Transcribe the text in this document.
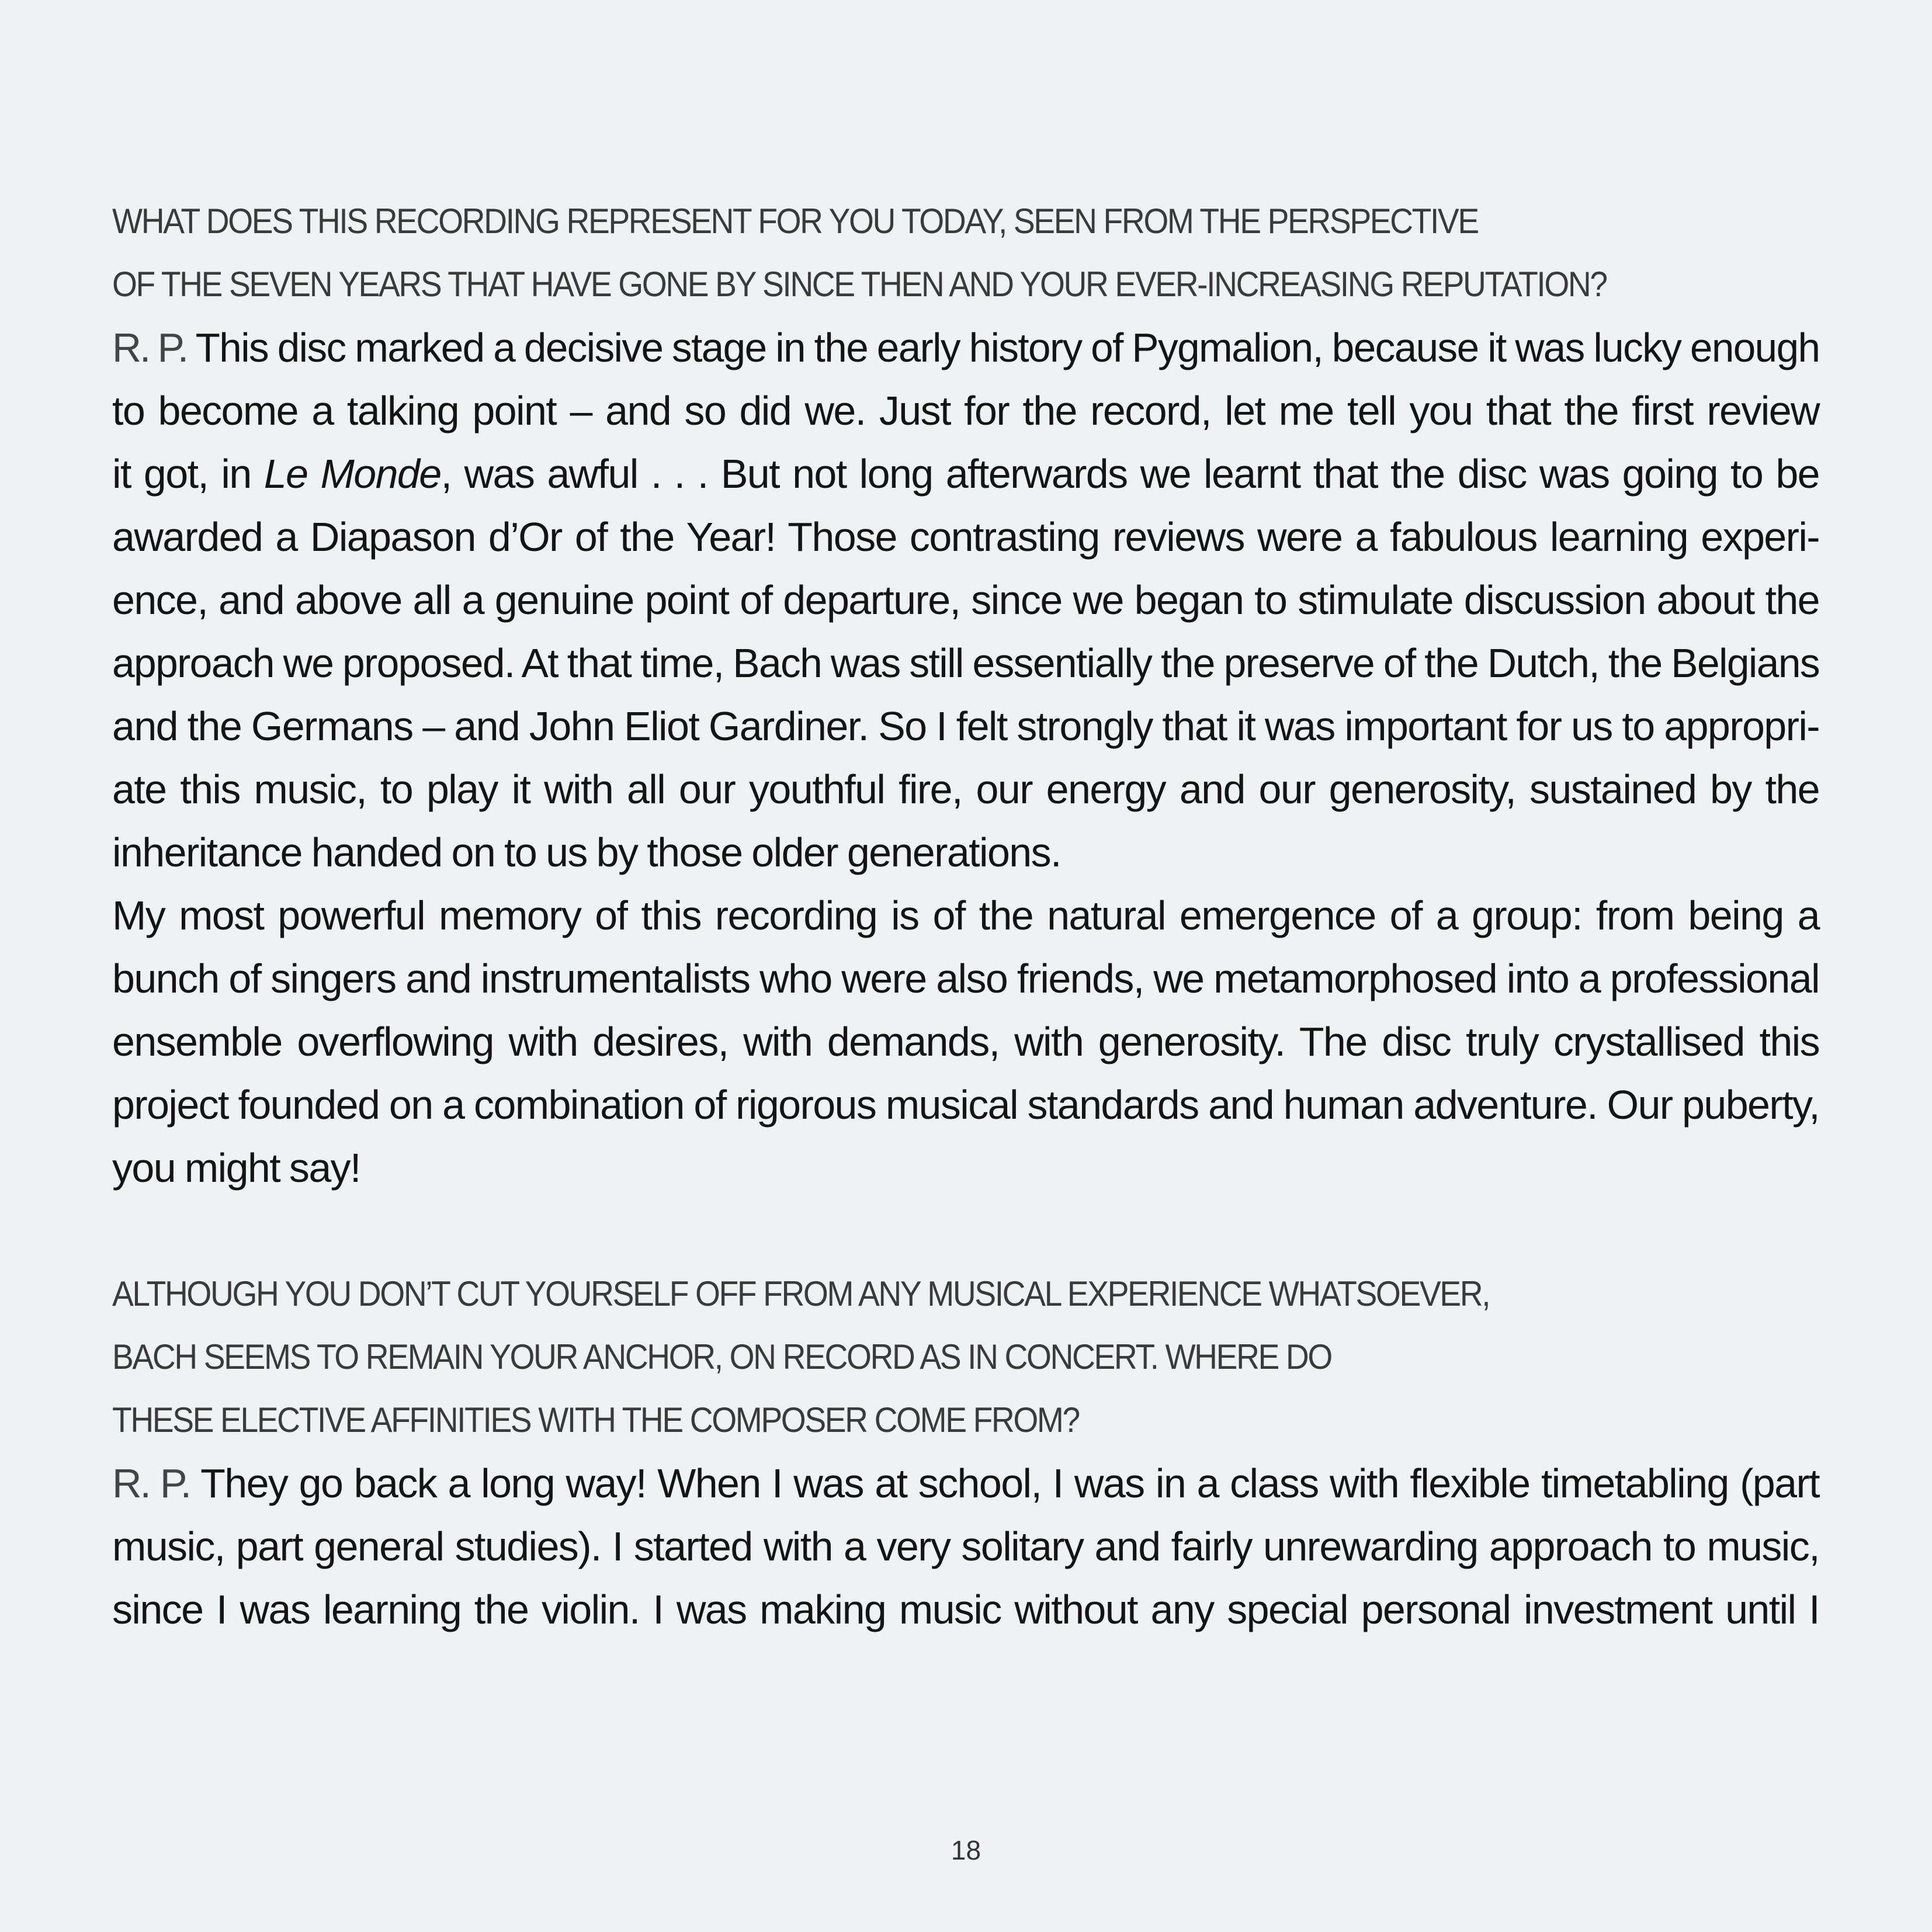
WHAT DOES THIS RECORDING REPRESENT FOR YOU TODAY, SEEN FROM THE PERSPECTIVE
OF THE SEVEN YEARS THAT HAVE GONE BY SINCE THEN AND YOUR EVER-INCREASING REPUTATION?
R. P. This disc marked a decisive stage in the early history of Pygmalion, because it was lucky enough
to become a talking point – and so did we. Just for the record, let me tell you that the first review
it got, in Le Monde, was awful . . . But not long afterwards we learnt that the disc was going to be
awarded a Diapason d’Or of the Year! Those contrasting reviews were a fabulous learning experi-
ence, and above all a genuine point of departure, since we began to stimulate discussion about the
approach we proposed. At that time, Bach was still essentially the preserve of the Dutch, the Belgians
and the Germans – and John Eliot Gardiner. So I felt strongly that it was important for us to appropri-
ate this music, to play it with all our youthful fire, our energy and our generosity, sustained by the
inheritance handed on to us by those older generations.
My most powerful memory of this recording is of the natural emergence of a group: from being a
bunch of singers and instrumentalists who were also friends, we metamorphosed into a professional
ensemble overflowing with desires, with demands, with generosity. The disc truly crystallised this
project founded on a combination of rigorous musical standards and human adventure. Our puberty,
you might say!
ALTHOUGH YOU DON’T CUT YOURSELF OFF FROM ANY MUSICAL EXPERIENCE WHATSOEVER,
BACH SEEMS TO REMAIN YOUR ANCHOR, ON RECORD AS IN CONCERT. WHERE DO
THESE ELECTIVE AFFINITIES WITH THE COMPOSER COME FROM?
R. P. They go back a long way! When I was at school, I was in a class with flexible timetabling (part
music, part general studies). I started with a very solitary and fairly unrewarding approach to music,
since I was learning the violin. I was making music without any special personal investment until I
18
